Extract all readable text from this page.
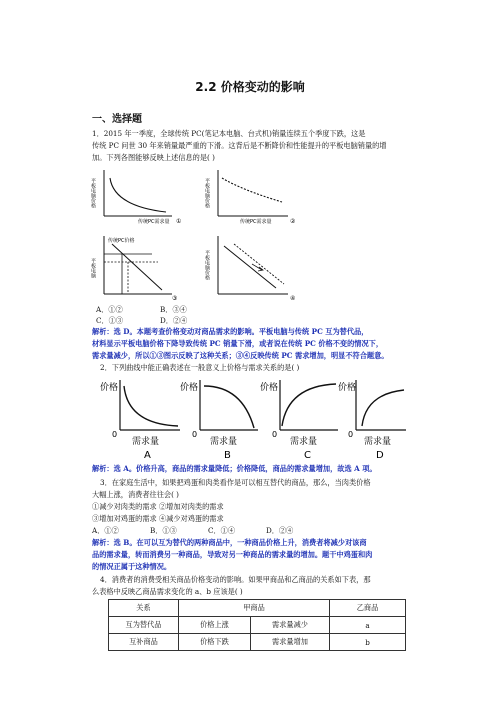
2.2 价格变动的影响
一、选择题
1．2015 年一季度，全球传统 PC(笔记本电脑、台式机)销量连续五个季度下跌，这是
传统 PC 问世 30 年来销量最严重的下滑。这背后是不断降价和性能提升的平板电脑销量的增
加。下列各图能够反映上述信息的是( )
平板电脑价格
传统PC需求量 ①
平板电脑价格
传统PC需求量	②
传统PC价格
平板电脑
③
平板电脑价格
④
A．①②	B．③④
C．①③	D．②④
解析：选 D。本题考查价格变动对商品需求的影响。平板电脑与传统 PC 互为替代品，
材料显示平板电脑价格下降导致传统 PC 销量下滑，或者说在传统 PC 价格不变的情况下，
需求量减少，所以①③图示反映了这种关系；③④反映传统 PC 需求增加，明显不符合题意。
2．下列曲线中能正确表述在一般意义上价格与需求关系的是( )
价格
0
需求量
A
价格
0
需求量
B
价格
0
需求量
C
价格
0
需求量
D
解析：选 A。价格升高，商品的需求量降低；价格降低，商品的需求量增加，故选 A 项。
3．在家庭生活中，如果把鸡蛋和肉类看作是可以相互替代的商品，那么，当肉类价格
大幅上涨，消费者往往会( )
①减少对肉类的需求 ②增加对肉类的需求
③增加对鸡蛋的需求 ④减少对鸡蛋的需求
A．①②	B．①③	C．①④	D．②④
解析：选 B。在可以互为替代的两种商品中，一种商品价格上升，消费者将减少对该商
品的需求量，转而消费另一种商品，导致对另一种商品的需求量的增加。题干中鸡蛋和肉
的情况正属于这种情况。
4．消费者的消费受相关商品价格变动的影响。如果甲商品和乙商品的关系如下表，那
么表格中反映乙商品需求变化的 a、b 应该是( )
关系	甲商品		乙商品
互为替代品	价格上涨	需求量减少	a
互补商品	价格下跌	需求量增加	b
